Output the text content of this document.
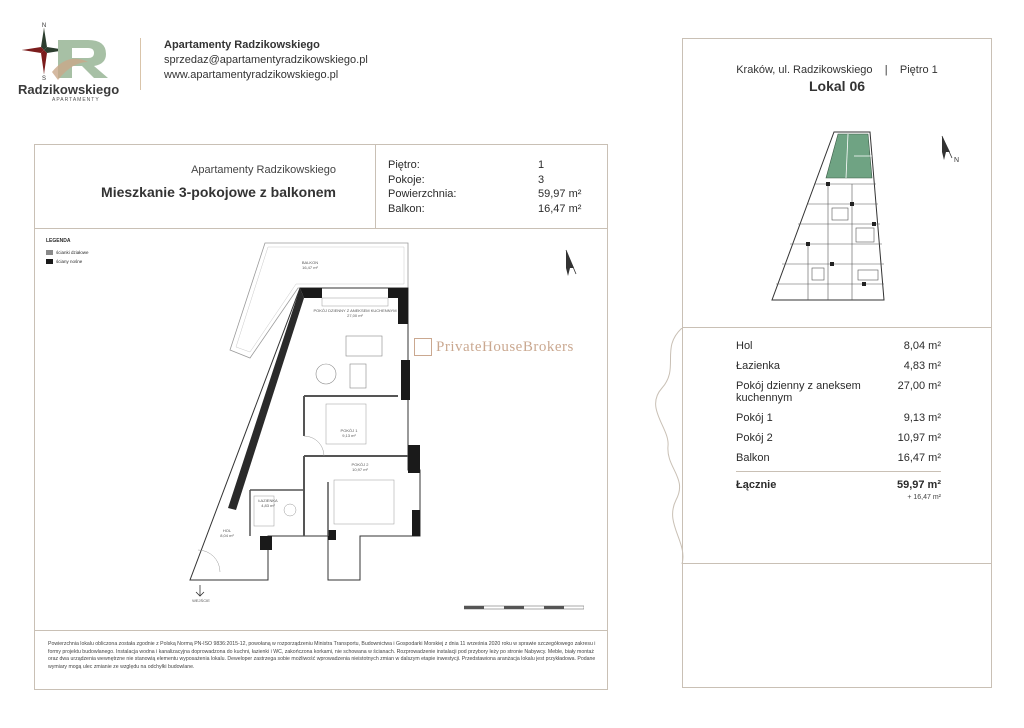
N
S
Radzikowskiego
APARTAMENTY
Apartamenty Radzikowskiego
sprzedaz@apartamentyradzikowskiego.pl
www.apartamentyradzikowskiego.pl
Apartamenty Radzikowskiego
Mieszkanie 3-pokojowe z balkonem
Piętro:	1
Pokoje:	3
Powierzchnia:	59,97 m²
Balkon:	16,47 m²
LEGENDA
ścianki działowe
ściany nośne	BALKON
16,47 m²
POKÓJ DZIENNY Z ANEKSEM KUCHENNYM
27,00 m²
POKÓJ 1
9,13 m²
POKÓJ 2
10,97 m²
ŁAZIENKA
4,83 m²
HOL
8,04 m²
WEJŚCIE
PrivateHouseBrokers
Powierzchnia lokalu obliczona została zgodnie z Polską Normą PN-ISO 9836:2015-12, powołaną w rozporządzeniu Ministra Transportu, Budownictwa i Gospodarki Morskiej z dnia 11 września 2020 roku w sprawie szczegółowego zakresu i formy projektu budowlanego. Instalacja wodna i kanalizacyjna doprowadzona do kuchni, łazienki i WC, zakończona korkami, nie schowana w ścianach. Rozprowadzenie instalacji pod przybory leży po stronie Nabywcy. Meble, biały montaż oraz dwa urządzenia wewnętrzne nie stanowią elementu wyposażenia lokalu. Deweloper zastrzega sobie możliwość wprowadzenia nieistotnych zmian w dalszym etapie inwestycji. Przedstawiona aranżacja lokalu jest przykładowa. Podane wymiary mogą ulec zmianie ze względu na odchyłki budowlane.
Kraków, ul. Radzikowskiego | Piętro 1
Lokal 06
N
Hol	8,04 m²
Łazienka	4,83 m²
Pokój dzienny z aneksem kuchennym
27,00 m²
Pokój 1	9,13 m²
Pokój 2	10,97 m²
Balkon	16,47 m²
Łącznie	59,97 m²
+ 16,47 m²
